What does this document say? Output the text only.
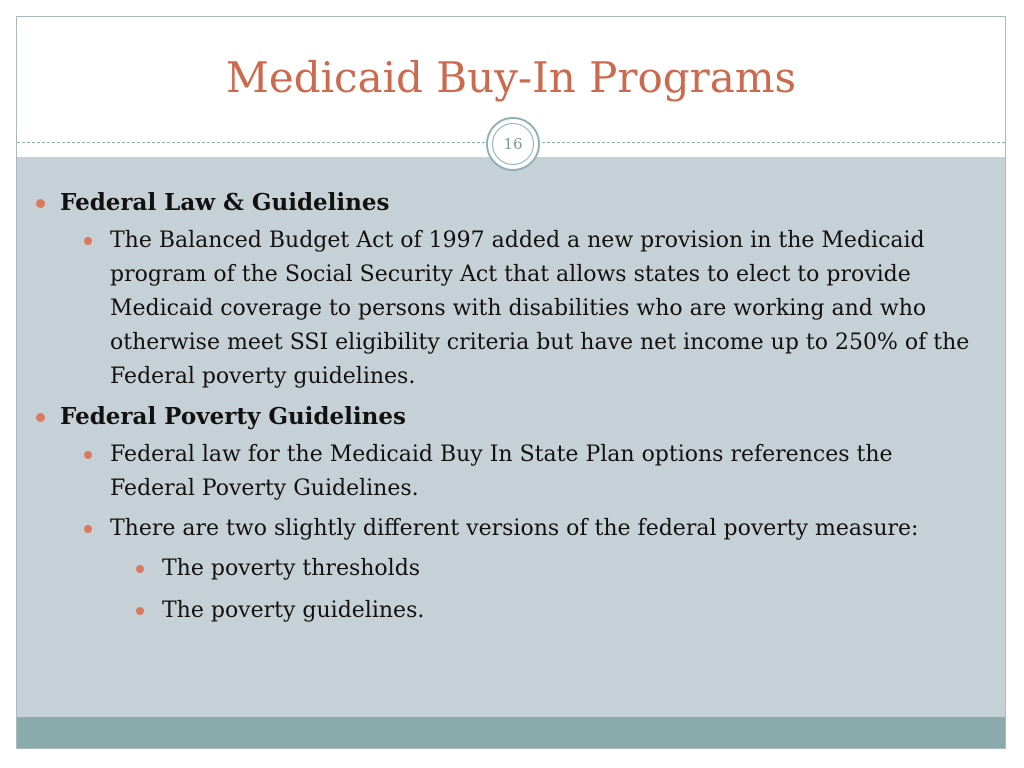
Medicaid Buy-In Programs
16
Federal Law & Guidelines
The Balanced Budget Act of 1997 added a new provision in the Medicaid program of the Social Security Act that allows states to elect to provide Medicaid coverage to persons with disabilities who are working and who otherwise meet SSI eligibility criteria but have net income up to 250% of the Federal poverty guidelines.
Federal Poverty Guidelines
Federal law for the Medicaid Buy In State Plan options references the Federal Poverty Guidelines.
There are two slightly different versions of the federal poverty measure:
The poverty thresholds
The poverty guidelines.
